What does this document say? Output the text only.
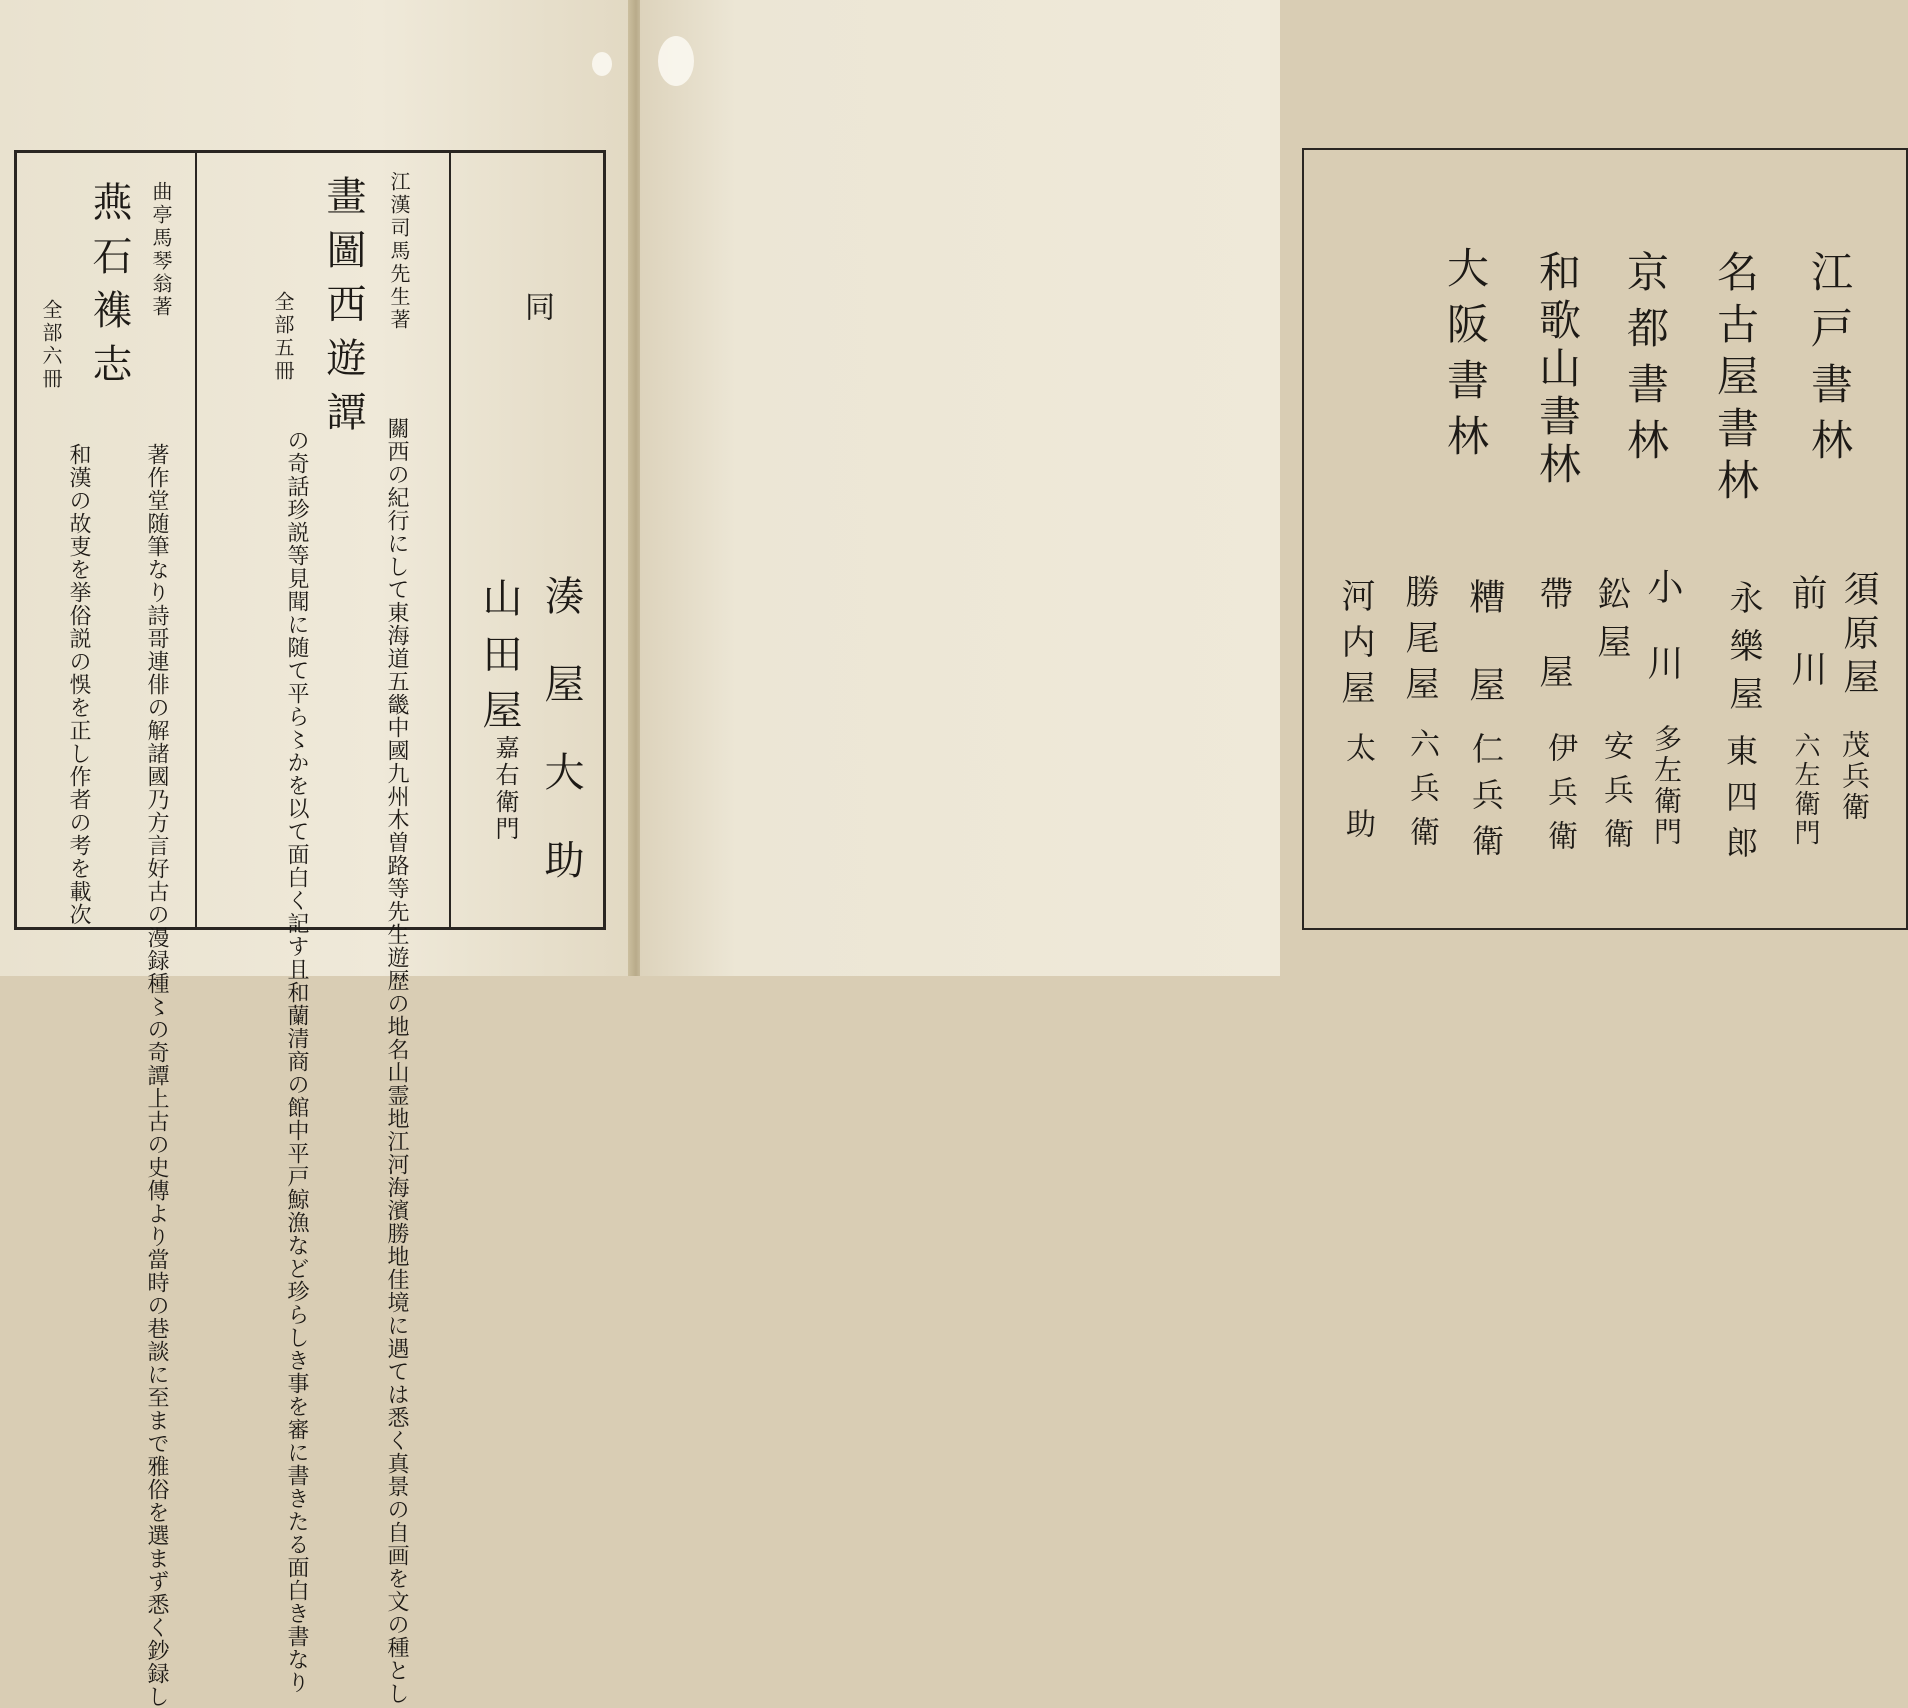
曲亭馬琴翁著
燕石襍志
全部六冊
著作堂随筆なり詩哥連俳の解諸國乃方言好古の漫録種〻の奇譚上古の史傳より當時の巷談に至まで雅俗を選まず悉く鈔録し
和漢の故叓を挙俗説の悞を正し作者の考を載次
江漢司馬先生著
畫圖西遊譚
全部五冊
關西の紀行にして東海道五畿中國九州木曽路等先生遊歴の地名山霊地江河海濱勝地佳境に遇ては悉く真景の自画を文の種とし
の奇話珍説等見聞に随て平ら〻かを以て面白く記す且和蘭清商の館中平戸鯨漁など珍らしき事を審に書きたる面白き書なり
同
湊屋大助
山田屋
嘉右衛門
江戸書林
名古屋書林
京都書林
和歌山書林
大阪書林
須原屋
茂兵衛
前川
六左衛門
永樂屋
東四郎
小川
多左衛門
鈆屋
安兵衛
帶屋
伊兵衛
糟屋
仁兵衛
勝尾屋
六兵衛
河内屋
太助
